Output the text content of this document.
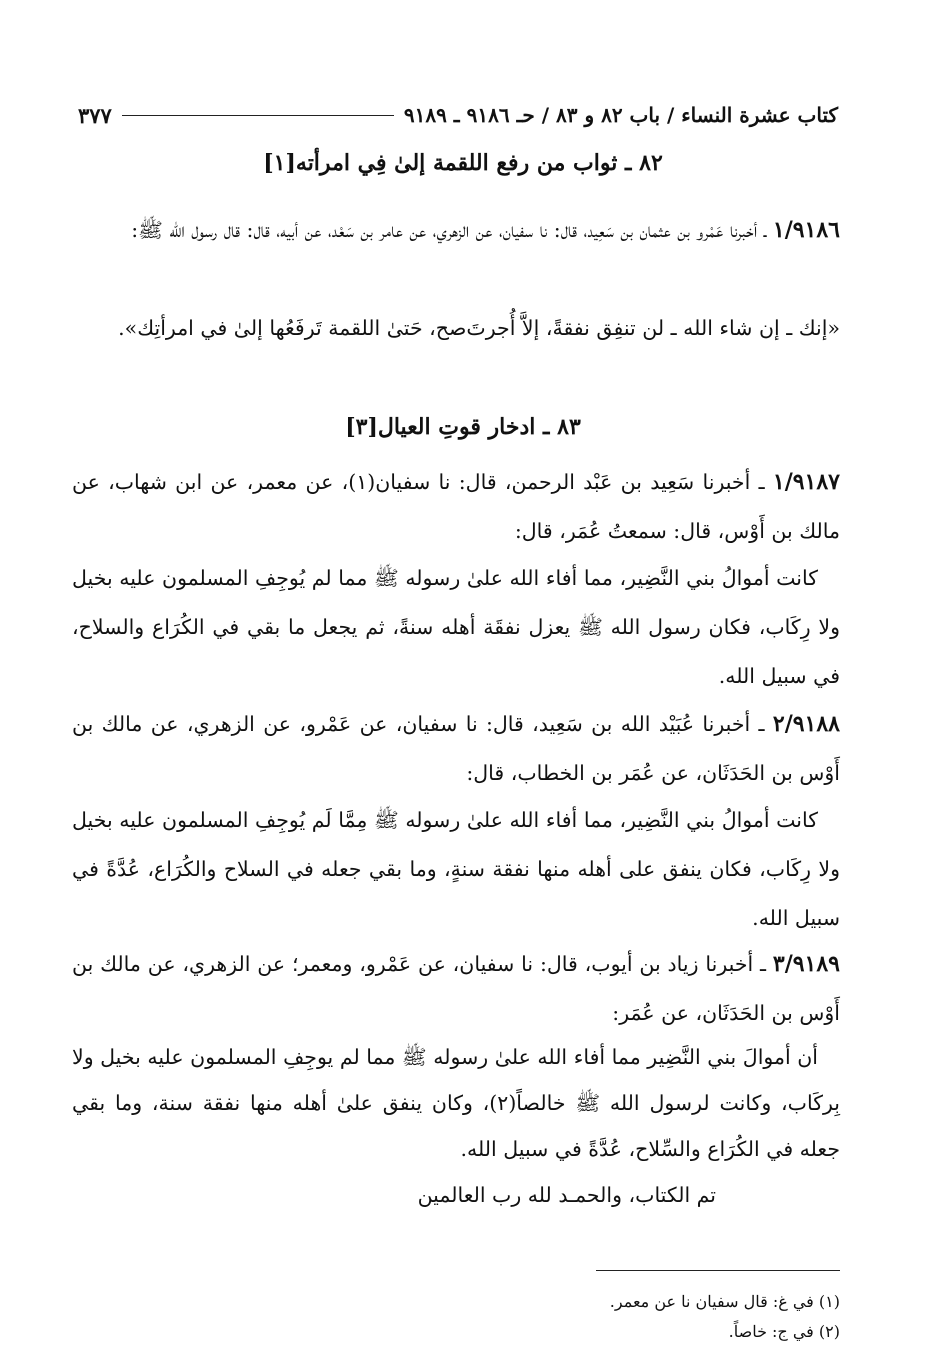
كتاب عشرة النساء / باب ٨٢ و ٨٣ / حـ ٩١٨٦ ـ ٩١٨٩
٣٧٧
٨٢ ـ ثواب من رفع اللقمة إلىٰ فِي امرأته[١]
١/٩١٨٦ ـ أخبرنا عَمْرو بن عثمان بن سَعِيد، قال: نا سفيان، عن الزهري، عن عامر بن سَعْد، عن أبيه، قال: قال رسول الله ﷺ:
«إنك ـ إن شاء الله ـ لن تنفِق نفقةً، إلاَّ أُجرتَ‌صح، حَتىٰ اللقمة تَرفَعُها إلىٰ في امرأتِك».
٨٣ ـ ادخار قوتِ العيال[٣]
١/٩١٨٧ ـ أخبرنا سَعِيد بن عَبْد الرحمن، قال: نا سفيان(١)، عن معمر، عن ابن شهاب، عن مالك بن أَوْس، قال: سمعتُ عُمَر، قال:
كانت أموالُ بني النَّضِير، مما أفاء الله علىٰ رسوله ﷺ مما لم يُوجِفِ المسلمون عليه بخيل ولا رِكَاب، فكان رسول الله ﷺ يعزل نفقَة أهله سنةً، ثم يجعل ما بقي في الكُرَاع والسلاح، في سبيل الله.
٢/٩١٨٨ ـ أخبرنا عُبَيْد الله بن سَعِيد، قال: نا سفيان، عن عَمْرو، عن الزهري، عن مالك بن أَوْس بن الحَدَثَان، عن عُمَر بن الخطاب، قال:
كانت أموالُ بني النَّضِير، مما أفاء الله علىٰ رسوله ﷺ مِمَّا لَم يُوجِفِ المسلمون عليه بخيل ولا رِكَاب، فكان ينفق على أهله منها نفقة سنةٍ، وما بقي جعله في السلاح والكُرَاع، عُدَّةً في سبيل الله.
٣/٩١٨٩ ـ أخبرنا زياد بن أيوب، قال: نا سفيان، عن عَمْرو، ومعمر؛ عن الزهري، عن مالك بن أَوْس بن الحَدَثَان، عن عُمَر:
أن أموالَ بني النَّضِير مما أفاء الله علىٰ رسوله ﷺ مما لم يوجِفِ المسلمون عليه بخيل ولا بِركَاب، وكانت لرسول الله ﷺ خالصاً(٢)، وكان ينفق علىٰ أهله منها نفقة سنة، وما بقي جعله في الكُرَاع والسِّلاح، عُدَّةً في سبيل الله.
تم الكتاب، والحمـد لله رب العالمين
(١) في غ: قال سفيان نا عن معمر.
(٢) في ج: خاصاً.
